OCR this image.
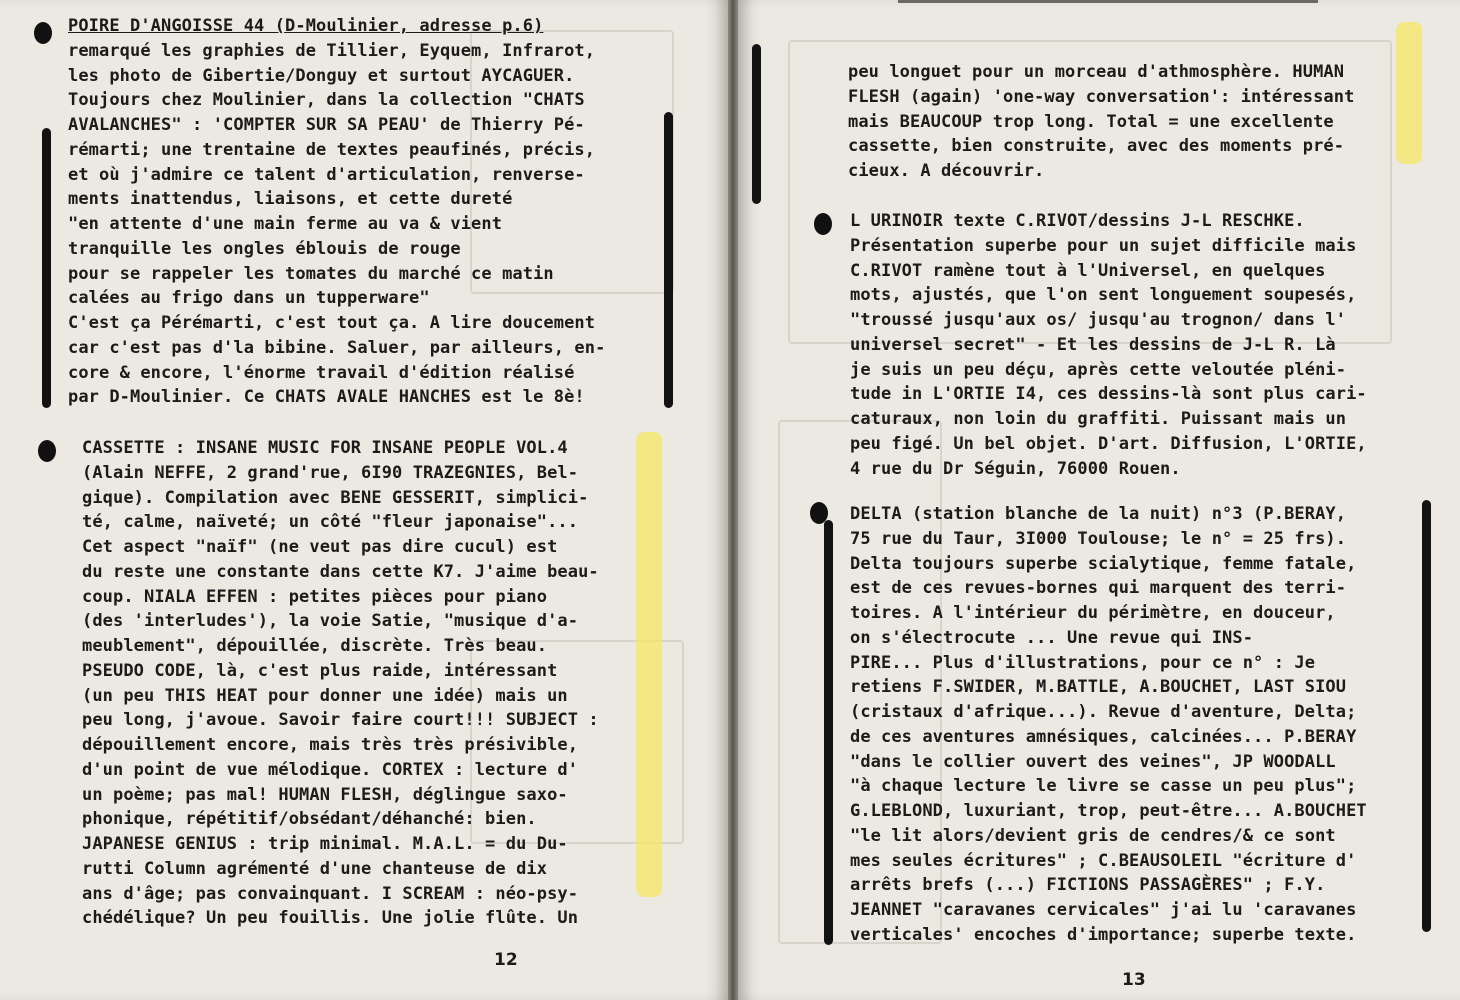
POIRE D'ANGOISSE 44 (D-Moulinier, adresse p.6)
remarqué les graphies de Tillier, Eyquem, Infrarot,
les photo de Gibertie/Donguy et surtout AYCAGUER.
Toujours chez Moulinier, dans la collection "CHATS
AVALANCHES" : 'COMPTER SUR SA PEAU' de Thierry Pé-
rémarti; une trentaine de textes peaufinés, précis,
et où j'admire ce talent d'articulation, renverse-
ments inattendus, liaisons, et cette dureté
"en attente d'une main ferme au va & vient
tranquille les ongles éblouis de rouge
pour se rappeler les tomates du marché ce matin
calées au frigo dans un tupperware"
C'est ça Pérémarti, c'est tout ça. A lire doucement
car c'est pas d'la bibine. Saluer, par ailleurs, en-
core & encore, l'énorme travail d'édition réalisé
par D-Moulinier. Ce CHATS AVALE HANCHES est le 8è!
CASSETTE : INSANE MUSIC FOR INSANE PEOPLE VOL.4
(Alain NEFFE, 2 grand'rue, 6I90 TRAZEGNIES, Bel-
gique). Compilation avec BENE GESSERIT, simplici-
té, calme, naïveté; un côté "fleur japonaise"...
Cet aspect "naïf" (ne veut pas dire cucul) est
du reste une constante dans cette K7. J'aime beau-
coup. NIALA EFFEN : petites pièces pour piano
(des 'interludes'), la voie Satie, "musique d'a-
meublement", dépouillée, discrète. Très beau.
PSEUDO CODE, là, c'est plus raide, intéressant
(un peu THIS HEAT pour donner une idée) mais un
peu long, j'avoue. Savoir faire court!!! SUBJECT :
dépouillement encore, mais très très présivible,
d'un point de vue mélodique. CORTEX : lecture d'
un poème; pas mal! HUMAN FLESH, déglingue saxo-
phonique, répétitif/obsédant/déhanché: bien.
JAPANESE GENIUS : trip minimal. M.A.L. = du Du-
rutti Column agrémenté d'une chanteuse de dix
ans d'âge; pas convainquant. I SCREAM : néo-psy-
chédélique? Un peu fouillis. Une jolie flûte. Un
12
peu longuet pour un morceau d'athmosphère. HUMAN
FLESH (again) 'one-way conversation': intéressant
mais BEAUCOUP trop long. Total = une excellente
cassette, bien construite, avec des moments pré-
cieux. A découvrir.
L URINOIR texte C.RIVOT/dessins J-L RESCHKE.
Présentation superbe pour un sujet difficile mais
C.RIVOT ramène tout à l'Universel, en quelques
mots, ajustés, que l'on sent longuement soupesés,
"troussé jusqu'aux os/ jusqu'au trognon/ dans l'
universel secret" - Et les dessins de J-L R. Là
je suis un peu déçu, après cette veloutée pléni-
tude in L'ORTIE I4, ces dessins-là sont plus cari-
caturaux, non loin du graffiti. Puissant mais un
peu figé. Un bel objet. D'art. Diffusion, L'ORTIE,
4 rue du Dr Séguin, 76000 Rouen.
DELTA (station blanche de la nuit) n°3 (P.BERAY,
75 rue du Taur, 3I000 Toulouse; le n° = 25 frs).
Delta toujours superbe scialytique, femme fatale,
est de ces revues-bornes qui marquent des terri-
toires. A l'intérieur du périmètre, en douceur,
on s'électrocute ... Une revue qui INS-
PIRE... Plus d'illustrations, pour ce n° : Je
retiens F.SWIDER, M.BATTLE, A.BOUCHET, LAST SIOU
(cristaux d'afrique...). Revue d'aventure, Delta;
de ces aventures amnésiques, calcinées... P.BERAY
"dans le collier ouvert des veines", JP WOODALL
"à chaque lecture le livre se casse un peu plus";
G.LEBLOND, luxuriant, trop, peut-être... A.BOUCHET
"le lit alors/devient gris de cendres/& ce sont
mes seules écritures" ; C.BEAUSOLEIL "écriture d'
arrêts brefs (...) FICTIONS PASSAGÈRES" ; F.Y.
JEANNET "caravanes cervicales" j'ai lu 'caravanes
verticales' encoches d'importance; superbe texte.
13
